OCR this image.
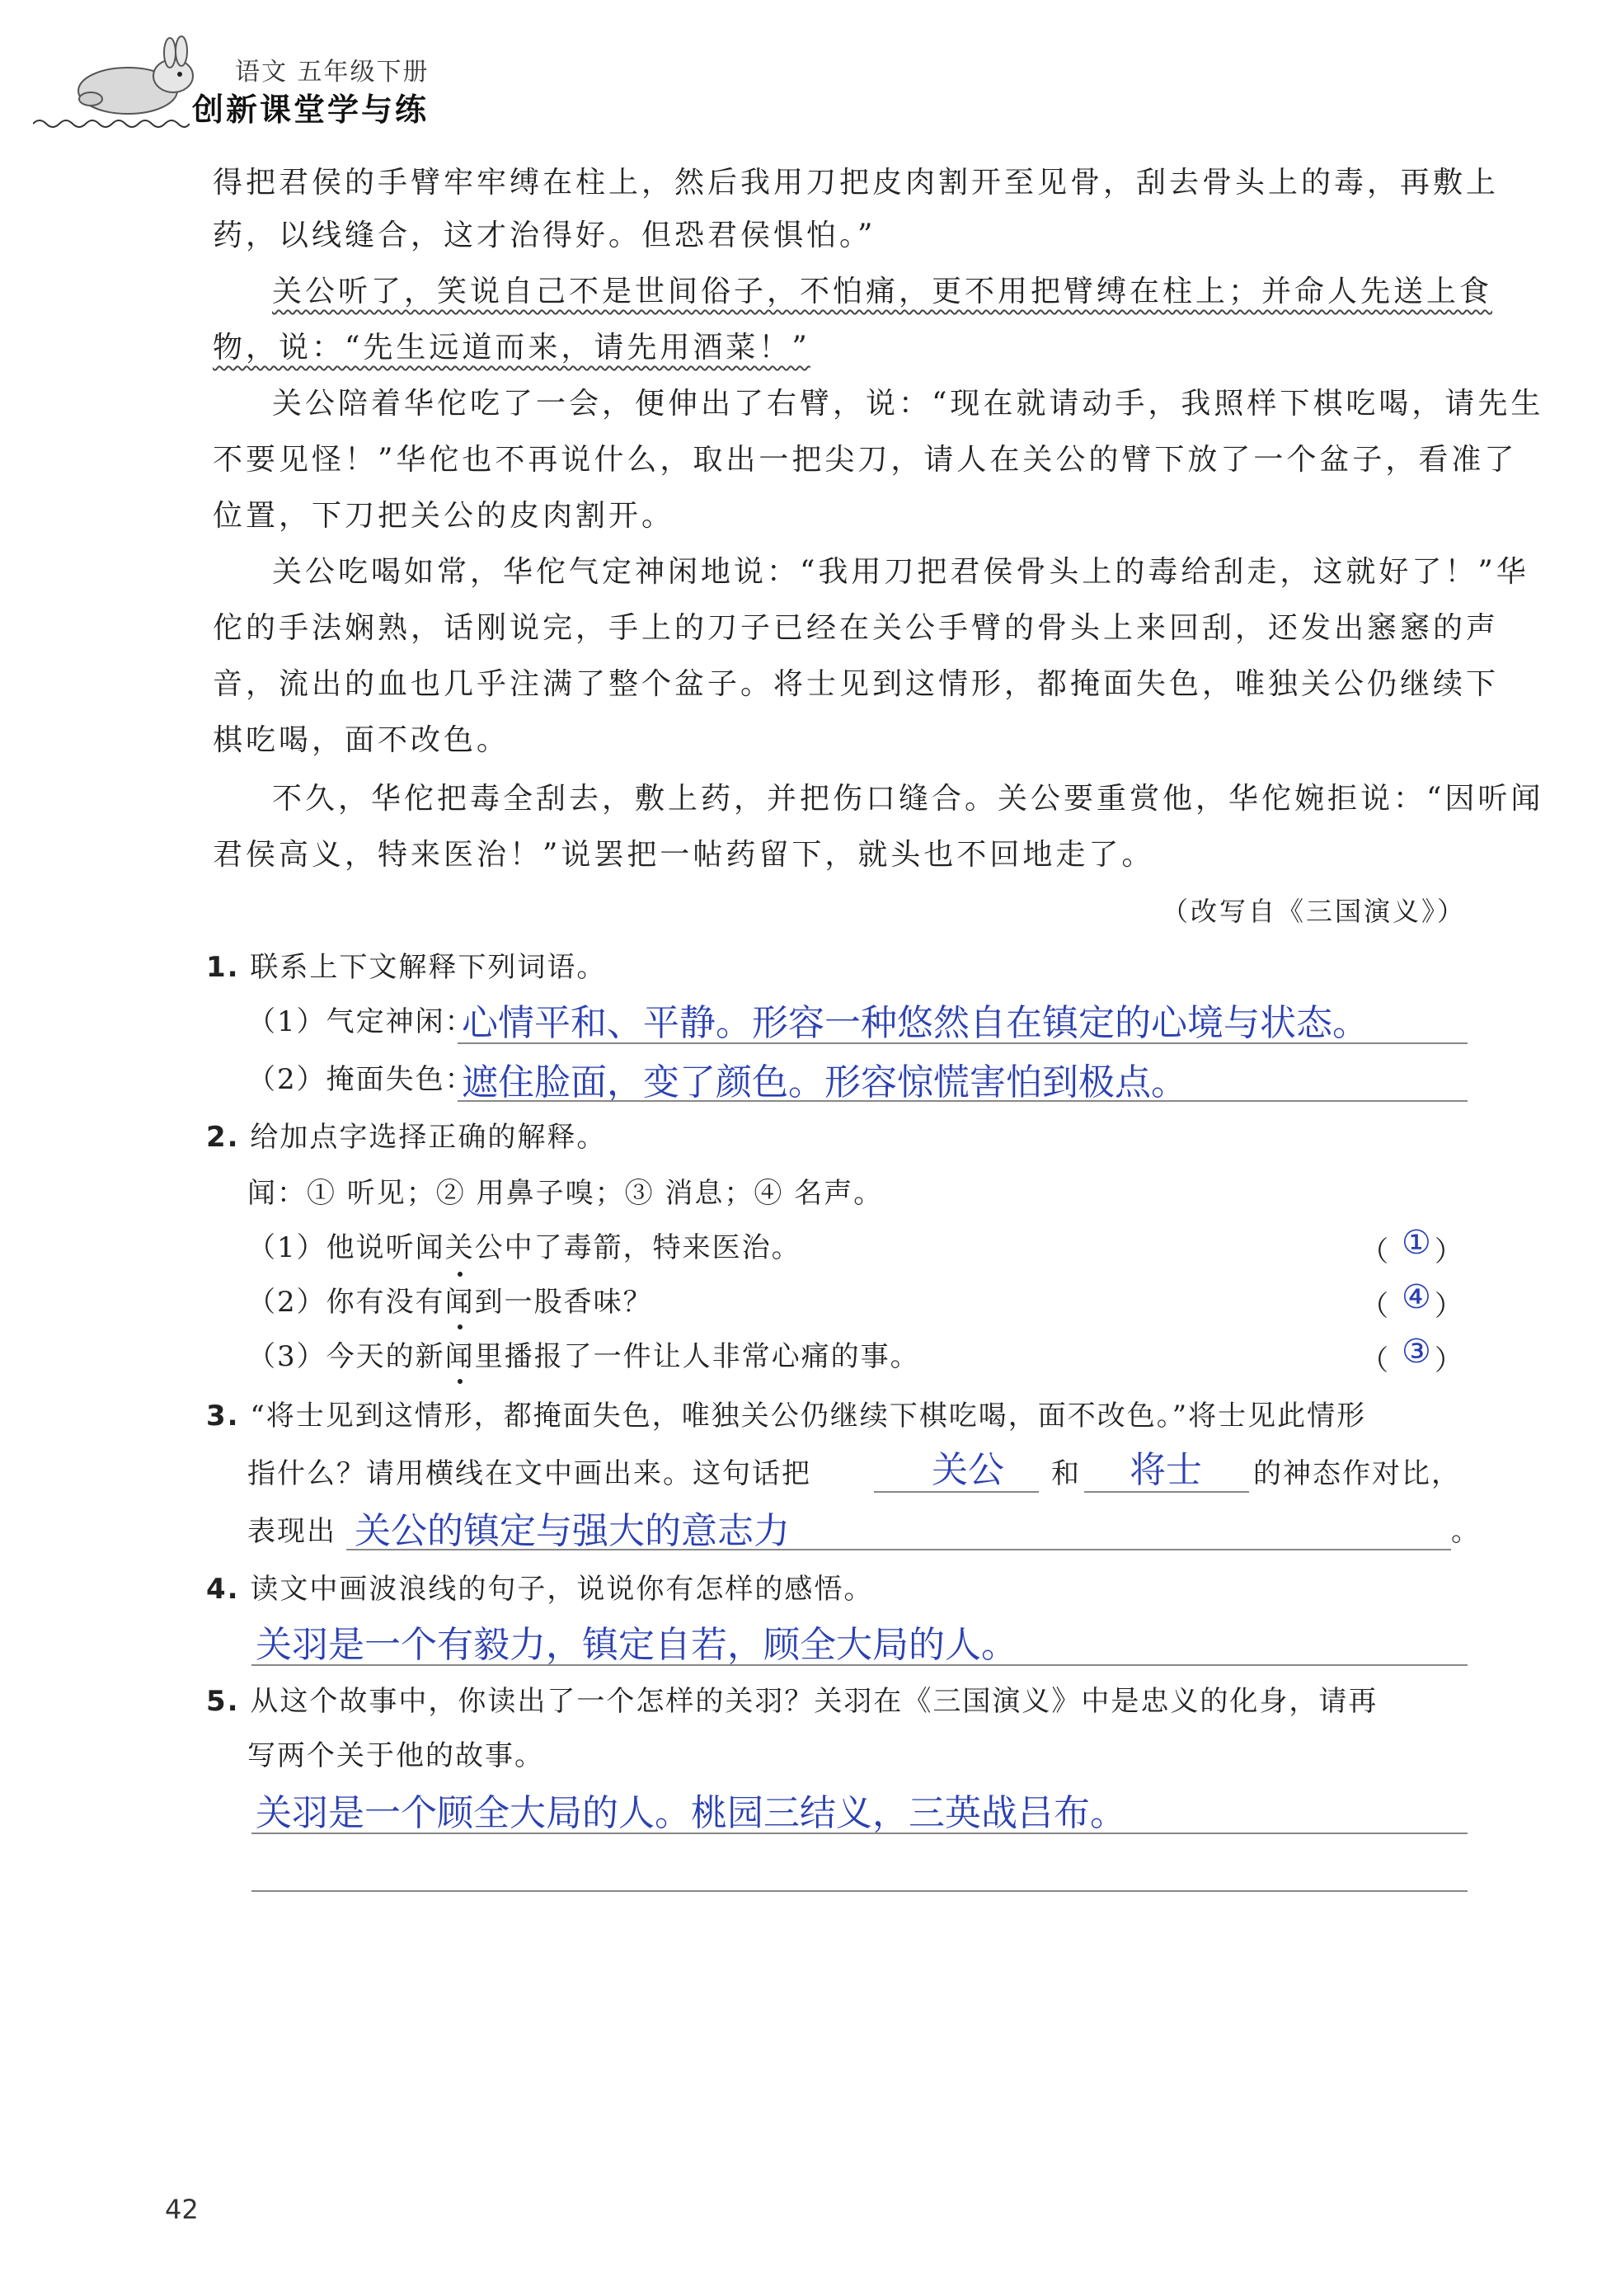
语文 五年级下册
创新课堂学与练
得把君侯的手臂牢牢缚在柱上，然后我用刀把皮肉割开至见骨，刮去骨头上的毒，再敷上
药，以线缝合，这才治得好。但恐君侯惧怕。”
关公听了，笑说自己不是世间俗子，不怕痛，更不用把臂缚在柱上；并命人先送上食
物，说：“先生远道而来，请先用酒菜！”
关公陪着华佗吃了一会，便伸出了右臂，说：“现在就请动手，我照样下棋吃喝，请先生
不要见怪！”华佗也不再说什么，取出一把尖刀，请人在关公的臂下放了一个盆子，看准了
位置，下刀把关公的皮肉割开。
关公吃喝如常，华佗气定神闲地说：“我用刀把君侯骨头上的毒给刮走，这就好了！”华
佗的手法娴熟，话刚说完，手上的刀子已经在关公手臂的骨头上来回刮，还发出窸窸的声
音，流出的血也几乎注满了整个盆子。将士见到这情形，都掩面失色，唯独关公仍继续下
棋吃喝，面不改色。
不久，华佗把毒全刮去，敷上药，并把伤口缝合。关公要重赏他，华佗婉拒说：“因听闻
君侯高义，特来医治！”说罢把一帖药留下，就头也不回地走了。
（改写自《三国演义》）
1. 联系上下文解释下列词语。
（1）气定神闲：
心情平和、平静。形容一种悠然自在镇定的心境与状态。
（2）掩面失色：
遮住脸面，变了颜色。形容惊慌害怕到极点。
2. 给加点字选择正确的解释。
闻：① 听见；② 用鼻子嗅；③ 消息；④ 名声。
（1）他说听闻关公中了毒箭，特来医治。	（ ① ）
（2）你有没有闻到一股香味？	（ ④ ）
（3）今天的新闻里播报了一件让人非常心痛的事。	（ ③ ）
3. “将士见到这情形，都掩面失色，唯独关公仍继续下棋吃喝，面不改色。”将士见此情形
指什么？请用横线在文中画出来。这句话把	关公 和 将士 的神态作对比，
表现出 关公的镇定与强大的意志力	。
4. 读文中画波浪线的句子，说说你有怎样的感悟。
关羽是一个有毅力，镇定自若，顾全大局的人。
5. 从这个故事中，你读出了一个怎样的关羽？关羽在《三国演义》中是忠义的化身，请再
写两个关于他的故事。
关羽是一个顾全大局的人。桃园三结义，三英战吕布。
42
